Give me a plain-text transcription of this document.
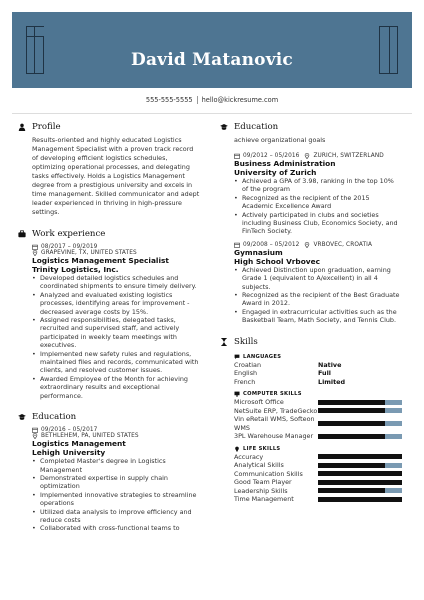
David Matanovic
555-555-5555 hello@kickresume.com
Profile
Results-oriented and highly educated Logistics Management Specialist with a proven track record of developing efficient logistics schedules, optimizing operational processes, and delegating tasks effectively. Holds a Logistics Management degree from a prestigious university and excels in time management. Skilled communicator and adept leader experienced in thriving in high-pressure settings.
Work experience
08/2017 – 09/2019
GRAPEVINE, TX, UNITED STATES
Logistics Management Specialist
Trinity Logistics, Inc.
• Developed detailed logistics schedules and coordinated shipments to ensure timely delivery.
• Analyzed and evaluated existing logistics processes, identifying areas for improvement - decreased average costs by 15%.
• Assigned responsibilities, delegated tasks, recruited and supervised staff, and actively participated in weekly team meetings with executives.
• Implemented new safety rules and regulations, maintained files and records, communicated with clients, and resolved customer issues.
• Awarded Employee of the Month for achieving extraordinary results and exceptional performance.
Education
09/2016 – 05/2017
BETHLEHEM, PA, UNITED STATES
Logistics Management
Lehigh University
• Completed Master's degree in Logistics Management
• Demonstrated expertise in supply chain optimization
• Implemented innovative strategies to streamline operations
• Utilized data analysis to improve efficiency and reduce costs
• Collaborated with cross-functional teams to
Education
achieve organizational goals
09/2012 – 05/2016 ZURICH, SWITZERLAND
Business Administration
University of Zurich
• Achieved a GPA of 3.98, ranking in the top 10% of the program
• Recognized as the recipient of the 2015 Academic Excellence Award
• Actively participated in clubs and societies including Business Club, Economics Society, and FinTech Society.
09/2008 – 05/2012 VRBOVEC, CROATIA
Gymnasium
High School Vrbovec
• Achieved Distinction upon graduation, earning Grade 1 (equivalent to A/excellent) in all 4 subjects.
• Recognized as the recipient of the Best Graduate Award in 2012.
• Engaged in extracurricular activities such as the Basketball Team, Math Society, and Tennis Club.
Skills
LANGUAGES
Croatian	Native
English	Full
French	Limited
COMPUTER SKILLS
Microsoft Office
NetSuite ERP, TradeGecko
Vin eRetail WMS, Softeon WMS
3PL Warehouse Manager
LIFE SKILLS
Accuracy
Analytical Skills
Communication Skills
Good Team Player
Leadership Skills
Time Management
